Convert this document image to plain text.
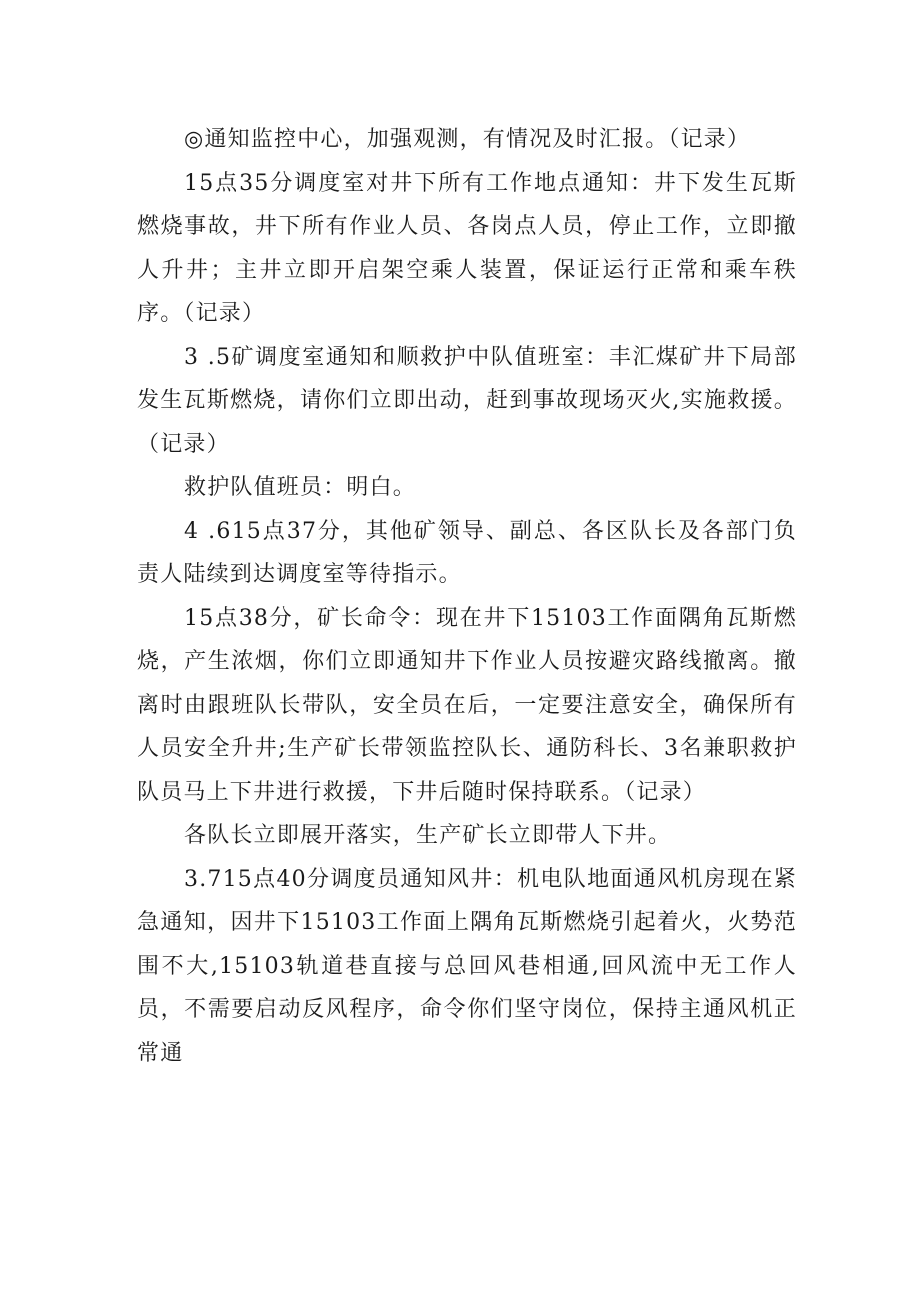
◎通知监控中心，加强观测，有情况及时汇报。（记录）

15点35分调度室对井下所有工作地点通知：井下发生瓦斯燃烧事故，井下所有作业人员、各岗点人员，停止工作，立即撤人升井；主井立即开启架空乘人装置，保证运行正常和乘车秩序。（记录）

3 .5矿调度室通知和顺救护中队值班室：丰汇煤矿井下局部发生瓦斯燃烧，请你们立即出动，赶到事故现场灭火,实施救援。（记录）

救护队值班员：明白。

4 .615点37分，其他矿领导、副总、各区队长及各部门负责人陆续到达调度室等待指示。

15点38分，矿长命令：现在井下15103工作面隅角瓦斯燃烧，产生浓烟，你们立即通知井下作业人员按避灾路线撤离。撤离时由跟班队长带队，安全员在后，一定要注意安全，确保所有人员安全升井;生产矿长带领监控队长、通防科长、3名兼职救护队员马上下井进行救援，下井后随时保持联系。（记录）

各队长立即展开落实，生产矿长立即带人下井。

3.715点40分调度员通知风井：机电队地面通风机房现在紧急通知，因井下15103工作面上隅角瓦斯燃烧引起着火，火势范围不大,15103轨道巷直接与总回风巷相通,回风流中无工作人员，不需要启动反风程序，命令你们坚守岗位，保持主通风机正常通
